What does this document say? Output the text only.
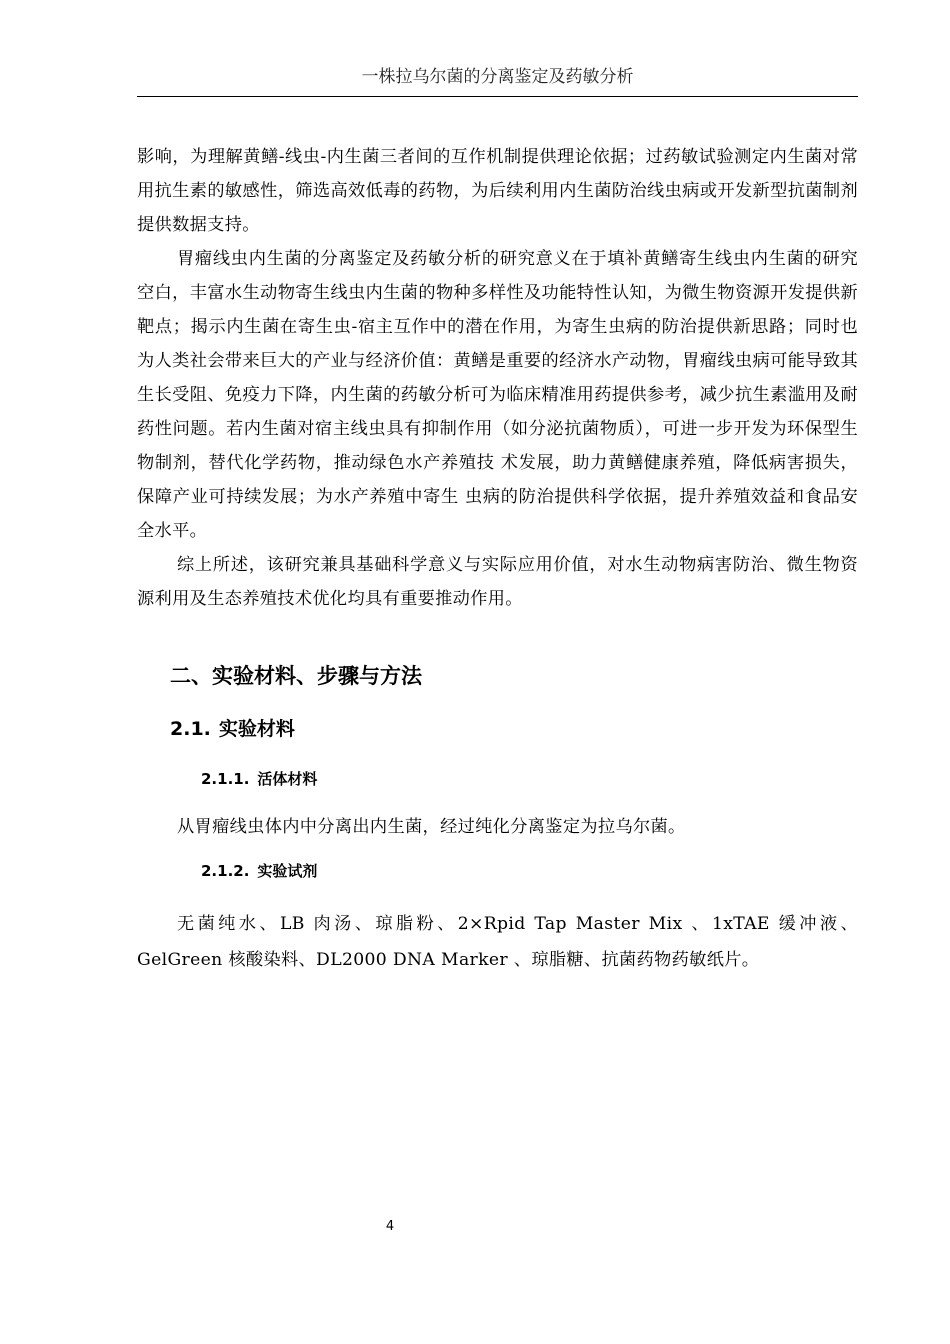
一株拉乌尔菌的分离鉴定及药敏分析

影响，为理解黄鳝-线虫-内生菌三者间的互作机制提供理论依据；过药敏试验测定内生菌对常用抗生素的敏感性，筛选高效低毒的药物，为后续利用内生菌防治线虫病或开发新型抗菌制剂提供数据支持。

胃瘤线虫内生菌的分离鉴定及药敏分析的研究意义在于填补黄鳝寄生线虫内生菌的研究空白，丰富水生动物寄生线虫内生菌的物种多样性及功能特性认知，为微生物资源开发提供新靶点；揭示内生菌在寄生虫-宿主互作中的潜在作用，为寄生虫病的防治提供新思路；同时也为人类社会带来巨大的产业与经济价值：黄鳝是重要的经济水产动物，胃瘤线虫病可能导致其生长受阻、免疫力下降，内生菌的药敏分析可为临床精准用药提供参考，减少抗生素滥用及耐药性问题。若内生菌对宿主线虫具有抑制作用（如分泌抗菌物质），可进一步开发为环保型生物制剂，替代化学药物，推动绿色水产养殖技 术发展，助力黄鳝健康养殖，降低病害损失，保障产业可持续发展；为水产养殖中寄生 虫病的防治提供科学依据，提升养殖效益和食品安全水平。

综上所述，该研究兼具基础科学意义与实际应用价值，对水生动物病害防治、微生物资源利用及生态养殖技术优化均具有重要推动作用。

二、实验材料、步骤与方法
2.1. 实验材料
2.1.1. 活体材料

从胃瘤线虫体内中分离出内生菌，经过纯化分离鉴定为拉乌尔菌。

2.1.2. 实验试剂

无菌纯水、LB 肉汤、琼脂粉、2×Rpid Tap Master Mix 、1xTAE 缓冲液、GelGreen 核酸染料、DL2000 DNA Marker 、琼脂糖、抗菌药物药敏纸片。

4
